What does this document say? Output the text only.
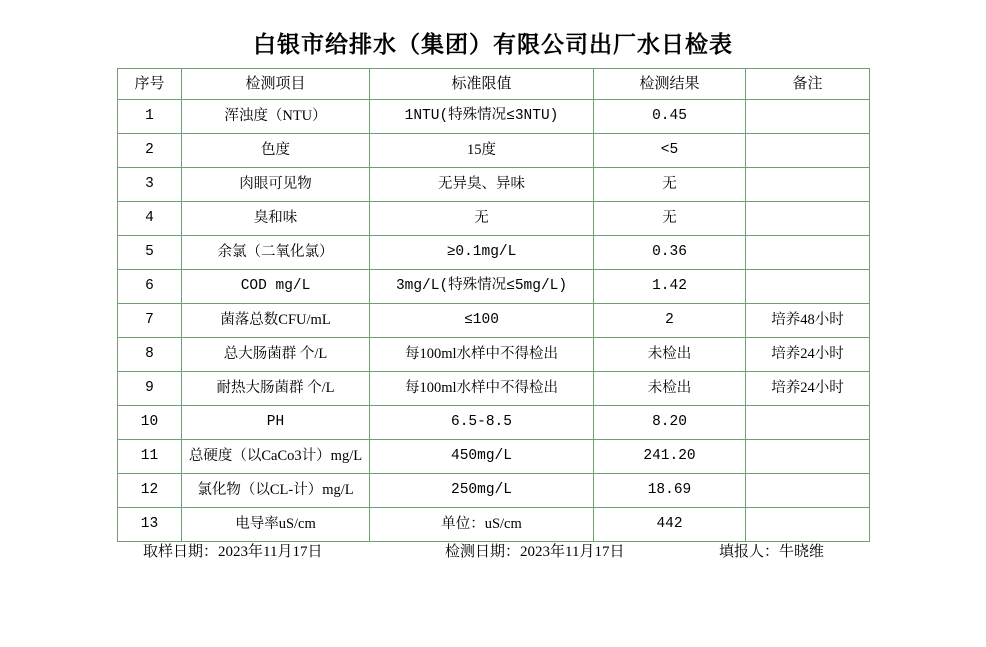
白银市给排水（集团）有限公司出厂水日检表
序号	检测项目	标准限值	检测结果	备注
1	浑浊度（NTU）	1NTU(特殊情况≤3NTU)	0.45	
2	色度	15度	<5	
3	肉眼可见物	无异臭、异味	无	
4	臭和味	无	无	
5	余氯（二氧化氯）	≥0.1mg/L	0.36	
6	COD mg/L	3mg/L(特殊情况≤5mg/L)	1.42	
7	菌落总数CFU/mL	≤100	2	培养48小时
8	总大肠菌群 个/L	每100ml水样中不得检出	未检出	培养24小时
9	耐热大肠菌群 个/L	每100ml水样中不得检出	未检出	培养24小时
10	PH	6.5-8.5	8.20	
11	总硬度（以CaCo3计）mg/L	450mg/L	241.20	
12	氯化物（以CL-计）mg/L	250mg/L	18.69	
13	电导率uS/cm	单位：uS/cm	442	
取样日期：2023年11月17日	检测日期：2023年11月17日	填报人：牛晓维
